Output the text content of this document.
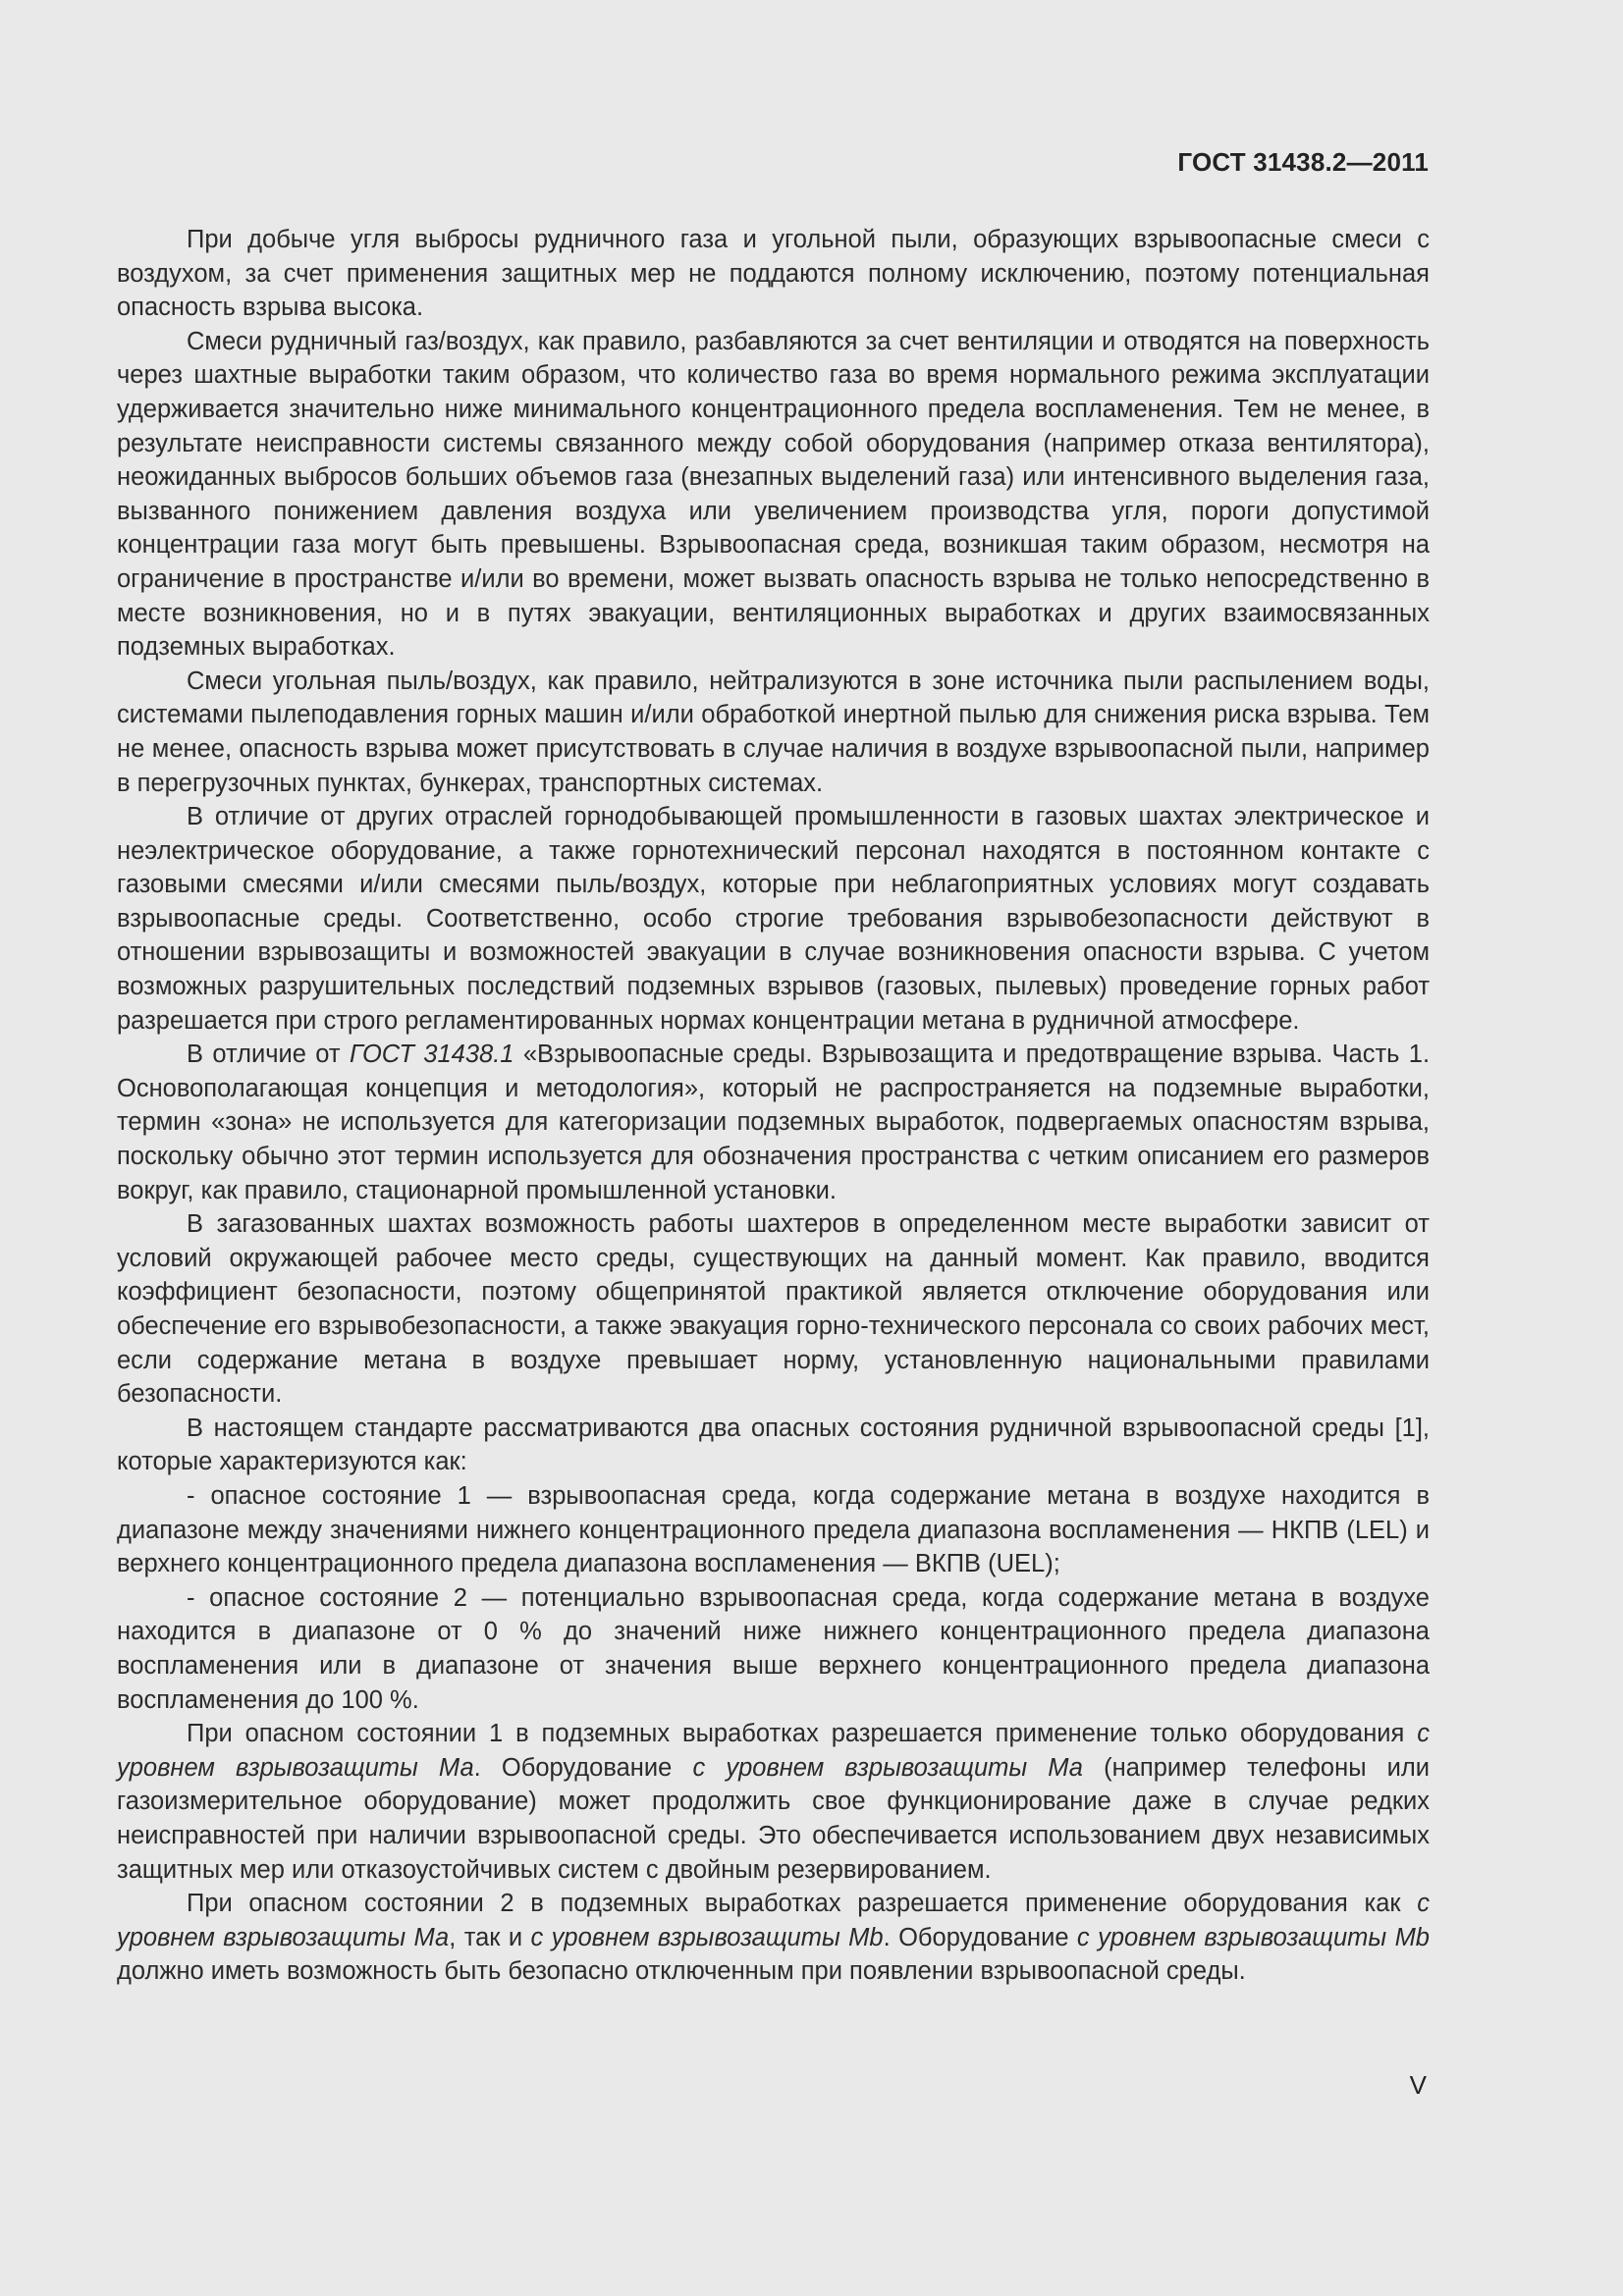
ГОСТ 31438.2—2011

При добыче угля выбросы рудничного газа и угольной пыли, образующих взрывоопасные смеси с воздухом, за счет применения защитных мер не поддаются полному исключению, поэтому потенциальная опасность взрыва высока.

Смеси рудничный газ/воздух, как правило, разбавляются за счет вентиляции и отводятся на поверхность через шахтные выработки таким образом, что количество газа во время нормального режима эксплуатации удерживается значительно ниже минимального концентрационного предела воспламенения. Тем не менее, в результате неисправности системы связанного между собой оборудования (например отказа вентилятора), неожиданных выбросов больших объемов газа (внезапных выделений газа) или интенсивного выделения газа, вызванного понижением давления воздуха или увеличением производства угля, пороги допустимой концентрации газа могут быть превышены. Взрывоопасная среда, возникшая таким образом, несмотря на ограничение в пространстве и/или во времени, может вызвать опасность взрыва не только непосредственно в месте возникновения, но и в путях эвакуации, вентиляционных выработках и других взаимосвязанных подземных выработках.

Смеси угольная пыль/воздух, как правило, нейтрализуются в зоне источника пыли распылением воды, системами пылеподавления горных машин и/или обработкой инертной пылью для снижения риска взрыва. Тем не менее, опасность взрыва может присутствовать в случае наличия в воздухе взрывоопасной пыли, например в перегрузочных пунктах, бункерах, транспортных системах.

В отличие от других отраслей горнодобывающей промышленности в газовых шахтах электрическое и неэлектрическое оборудование, а также горнотехнический персонал находятся в постоянном контакте с газовыми смесями и/или смесями пыль/воздух, которые при неблагоприятных условиях могут создавать взрывоопасные среды. Соответственно, особо строгие требования взрывобезопасности действуют в отношении взрывозащиты и возможностей эвакуации в случае возникновения опасности взрыва. С учетом возможных разрушительных последствий подземных взрывов (газовых, пылевых) проведение горных работ разрешается при строго регламентированных нормах концентрации метана в рудничной атмосфере.

В отличие от ГОСТ 31438.1 «Взрывоопасные среды. Взрывозащита и предотвращение взрыва. Часть 1. Основополагающая концепция и методология», который не распространяется на подземные выработки, термин «зона» не используется для категоризации подземных выработок, подвергаемых опасностям взрыва, поскольку обычно этот термин используется для обозначения пространства с четким описанием его размеров вокруг, как правило, стационарной промышленной установки.

В загазованных шахтах возможность работы шахтеров в определенном месте выработки зависит от условий окружающей рабочее место среды, существующих на данный момент. Как правило, вводится коэффициент безопасности, поэтому общепринятой практикой является отключение оборудования или обеспечение его взрывобезопасности, а также эвакуация горно-технического персонала со своих рабочих мест, если содержание метана в воздухе превышает норму, установленную национальными правилами безопасности.

В настоящем стандарте рассматриваются два опасных состояния рудничной взрывоопасной среды [1], которые характеризуются как:

- опасное состояние 1 — взрывоопасная среда, когда содержание метана в воздухе находится в диапазоне между значениями нижнего концентрационного предела диапазона воспламенения — НКПВ (LEL) и верхнего концентрационного предела диапазона воспламенения — ВКПВ (UEL);

- опасное состояние 2 — потенциально взрывоопасная среда, когда содержание метана в воздухе находится в диапазоне от 0 % до значений ниже нижнего концентрационного предела диапазона воспламенения или в диапазоне от значения выше верхнего концентрационного предела диапазона воспламенения до 100 %.

При опасном состоянии 1 в подземных выработках разрешается применение только оборудования с уровнем взрывозащиты Ма. Оборудование с уровнем взрывозащиты Ма (например телефоны или газоизмерительное оборудование) может продолжить свое функционирование даже в случае редких неисправностей при наличии взрывоопасной среды. Это обеспечивается использованием двух независимых защитных мер или отказоустойчивых систем с двойным резервированием.

При опасном состоянии 2 в подземных выработках разрешается применение оборудования как с уровнем взрывозащиты Ма, так и с уровнем взрывозащиты Mb. Оборудование с уровнем взрывозащиты Mb должно иметь возможность быть безопасно отключенным при появлении взрывоопасной среды.

V
